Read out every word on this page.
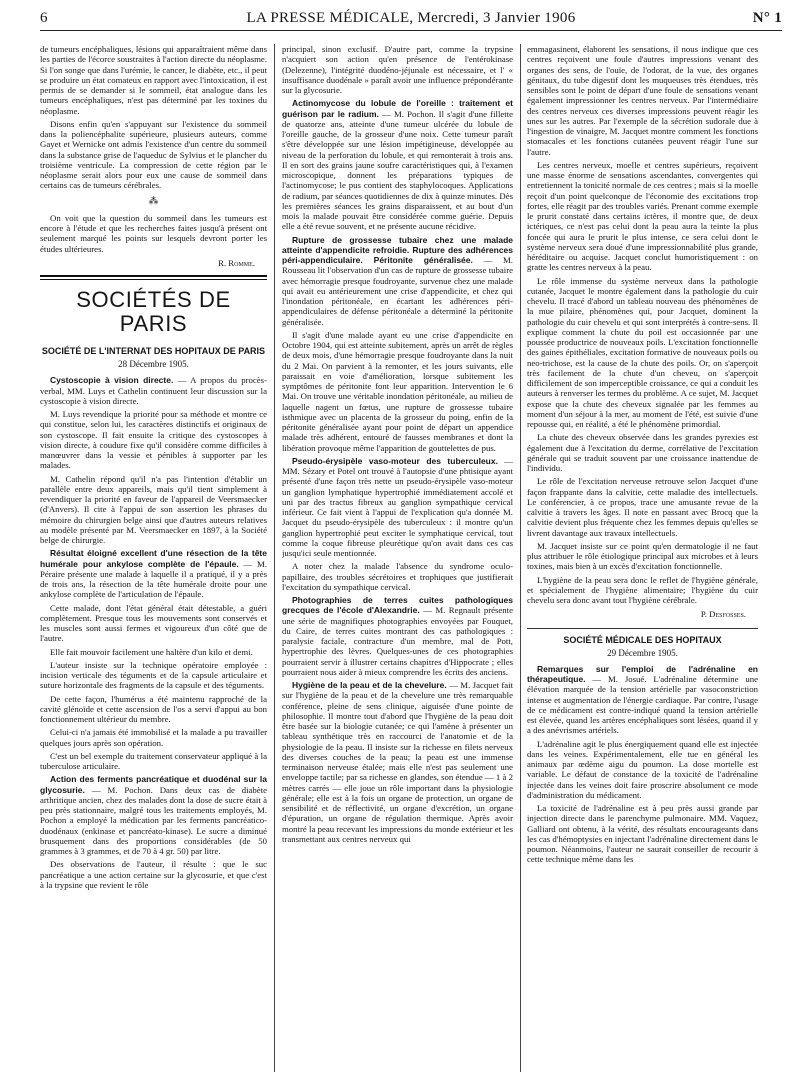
6	LA PRESSE MÉDICALE, Mercredi, 3 Janvier 1906	N° 1

de tumeurs encéphaliques, lésions qui apparaîtraient même dans les parties de l'écorce soustraites à l'action directe du néoplasme. Si l'on songe que dans l'urémie, le cancer, le diabète, etc., il peut se produire un état comateux en rapport avec l'intoxication, il est permis de se demander si le sommeil, état analogue dans les tumeurs encéphaliques, n'est pas déterminé par les toxines du néoplasme.

Disons enfin qu'en s'appuyant sur l'existence du sommeil dans la poliencéphalite supérieure, plusieurs auteurs, comme Gayet et Wernicke ont admis l'existence d'un centre du sommeil dans la substance grise de l'aqueduc de Sylvius et le plancher du troisième ventricule. La compression de cette région par le néoplasme serait alors pour eux une cause de sommeil dans certains cas de tumeurs cérébrales.

⁂

On voit que la question du sommeil dans les tumeurs est encore à l'étude et que les recherches faites jusqu'à présent ont seulement marqué les points sur lesquels devront porter les études ultérieures.

R. Romme.

SOCIÉTÉS DE PARIS
SOCIÉTÉ DE L'INTERNAT DES HOPITAUX DE PARIS
28 Décembre 1905.

Cystoscopie à vision directe. — A propos du procès-verbal, MM. Luys et Cathelin continuent leur discussion sur la cystoscopie à vision directe.

M. Luys revendique la priorité pour sa méthode et montre ce qui constitue, selon lui, les caractères distinctifs et originaux de son cystoscope. Il fait ensuite la critique des cystoscopes à vision directe, à coudure fixe qu'il considère comme difficiles à manœuvrer dans la vessie et pénibles à supporter par les malades.

M. Cathelin répond qu'il n'a pas l'intention d'établir un parallèle entre deux appareils, mais qu'il tient simplement à revendiquer la priorité en faveur de l'appareil de Veersmaecker (d'Anvers). Il cite à l'appui de son assertion les phrases du mémoire du chirurgien belge ainsi que d'autres auteurs relatives au modèle présenté par M. Veersmaecker en 1897, à la Société belge de chirurgie.

Résultat éloigné excellent d'une résection de la tête humérale pour ankylose complète de l'épaule. — M. Péraire présente une malade à laquelle il a pratiqué, il y a près de trois ans, la résection de la tête humérale droite pour une ankylose complète de l'articulation de l'épaule.

Cette malade, dont l'état général était détestable, a guéri complètement. Presque tous les mouvements sont conservés et les muscles sont aussi fermes et vigoureux d'un côté que de l'autre.

Elle fait mouvoir facilement une haltère d'un kilo et demi.

L'auteur insiste sur la technique opératoire employée : incision verticale des téguments et de la capsule articulaire et suture horizontale des fragments de la capsule et des téguments.

De cette façon, l'humérus a été maintenu rapproché de la cavité glénoïde et cette ascension de l'os a servi d'appui au bon fonctionnement ultérieur du membre.

Celui-ci n'a jamais été immobilisé et la malade a pu travailler quelques jours après son opération.

C'est un bel exemple du traitement conservateur appliqué à la tuberculose articulaire.

Action des ferments pancréatique et duodénal sur la glycosurie. — M. Pochon. Dans deux cas de diabète arthritique ancien, chez des malades dont la dose de sucre était à peu près stationnaire, malgré tous les traitements employés, M. Pochon a employé la médication par les ferments pancréatico-duodénaux (enkinase et pancréato-kinase). Le sucre a diminué brusquement dans des proportions considérables (de 50 grammes à 3 grammes, et de 70 à 4 gr. 50) par litre.

Des observations de l'auteur, il résulte : que le suc pancréatique a une action certaine sur la glycosurie, et que c'est à la trypsine que revient le rôle

principal, sinon exclusif. D'autre part, comme la trypsine n'acquiert son action qu'en présence de l'entérokinase (Delezenne), l'intégrité duodéno-jéjunale est nécessaire, et l' « insuffisance duodénale » paraît avoir une influence prépondérante sur la glycosurie.

Actinomycose du lobule de l'oreille : traitement et guérison par le radium. — M. Pochon. Il s'agit d'une fillette de quatorze ans, atteinte d'une tumeur ulcérée du lobule de l'oreille gauche, de la grosseur d'une noix. Cette tumeur paraît s'être développée sur une lésion impétigineuse, développée au niveau de la perforation du lobule, et qui remonterait à trois ans. Il en sort des grains jaune soufre caractéristiques qui, à l'examen microscopique, donnent les préparations typiques de l'actinomycose; le pus contient des staphylocoques. Applications de radium, par séances quotidiennes de dix à quinze minutes. Dès les premières séances les grains disparaissent, et au bout d'un mois la malade pouvait être considérée comme guérie. Depuis elle a été revue souvent, et ne présente aucune récidive.

Rupture de grossesse tubaire chez une malade atteinte d'appendicite refroidie. Rupture des adhérences péri-appendiculaire. Péritonite généralisée. — M. Rousseau lit l'observation d'un cas de rupture de grossesse tubaire avec hémorragie presque foudroyante, survenue chez une malade qui avait eu antérieurement une crise d'appendicite, et chez qui l'inondation péritonéale, en écartant les adhérences péri-appendiculaires de défense péritonéale a déterminé la péritonite généralisée.

Il s'agit d'une malade ayant eu une crise d'appendicite en Octobre 1904, qui est atteinte subitement, après un arrêt de règles de deux mois, d'une hémorragie presque foudroyante dans la nuit du 2 Mai. On parvient à la remonter, et les jours suivants, elle paraissait en voie d'amélioration, lorsque subitement les symptômes de péritonite font leur apparition. Intervention le 6 Mai. On trouve une véritable inondation péritonéale, au milieu de laquelle nagent un fœtus, une rupture de grossesse tubaire isthmique avec un placenta de la grosseur du poing, enfin de la péritonite généralisée ayant pour point de départ un appendice malade très adhérent, entouré de fausses membranes et dont la libération provoque même l'apparition de gouttelettes de pus.

Pseudo-érysipèle vaso-moteur des tuberculeux. — MM. Sézary et Potel ont trouvé à l'autopsie d'une phtisique ayant présenté d'une façon très nette un pseudo-érysipèle vaso-moteur un ganglion lymphatique hypertrophié immédiatement accolé et uni par des tractus fibreux au ganglion sympathique cervical inférieur. Ce fait vient à l'appui de l'explication qu'a donnée M. Jacquet du pseudo-érysipèle des tuberculeux : il montre qu'un ganglion hypertrophié peut exciter le symphatique cervical, tout comme la coque fibreuse pleurétique qu'on avait dans ces cas jusqu'ici seule mentionnée.

A noter chez la malade l'absence du syndrome oculo-papillaire, des troubles sécrétoires et trophiques que justifierait l'excitation du sympathique cervical.

Photographies de terres cuites pathologiques grecques de l'école d'Alexandrie. — M. Regnault présente une série de magnifiques photographies envoyées par Fouquet, du Caire, de terres cuites montrant des cas pathologiques : paralysie faciale, contracture d'un membre, mal de Pott, hypertrophie des lèvres. Quelques-unes de ces photographies pourraient servir à illustrer certains chapitres d'Hippocrate ; elles pourraient nous aider à mieux comprendre les écrits des anciens.

Hygiène de la peau et de la chevelure. — M. Jacquet fait sur l'hygiène de la peau et de la chevelure une très remarquable conférence, pleine de sens clinique, aiguisée d'une pointe de philosophie. Il montre tout d'abord que l'hygiène de la peau doit être basée sur la biologie cutanée; ce qui l'amène à présenter un tableau synthétique très en raccourci de l'anatomie et de la physiologie de la peau. Il insiste sur la richesse en filets nerveux des diverses couches de la peau; la peau est une immense terminaison nerveuse étalée; mais elle n'est pas seulement une enveloppe tactile; par sa richesse en glandes, son étendue — 1 à 2 mètres carrés — elle joue un rôle important dans la physiologie générale; elle est à la fois un organe de protection, un organe de sensibilité et de réflectivité, un organe d'excrétion, un organe d'épuration, un organe de régulation thermique. Après avoir montré la peau recevant les impressions du monde extérieur et les transmettant aux centres nerveux qui

emmagasinent, élaborent les sensations, il nous indique que ces centres reçoivent une foule d'autres impressions venant des organes des sens, de l'ouïe, de l'odorat, de la vue, des organes génitaux, du tube digestif dont les muqueuses très étendues, très sensibles sont le point de départ d'une foule de sensations venant également impressionner les centres nerveux. Par l'intermédiaire des centres nerveux ces diverses impressions peuvent réagir les unes sur les autres. Par l'exemple de la sécrétion sudorale due à l'ingestion de vinaigre, M. Jacquet montre comment les fonctions stomacales et les fonctions cutanées peuvent réagir l'une sur l'autre.

Les centres nerveux, moelle et centres supérieurs, reçoivent une masse énorme de sensations ascendantes, convergentes qui entretiennent la tonicité normale de ces centres ; mais si la moelle reçoit d'un point quelconque de l'économie des excitations trop fortes, elle réagit par des troubles variés. Prenant comme exemple le prurit constaté dans certains ictères, il montre que, de deux ictériques, ce n'est pas celui dont la peau aura la teinte la plus foncée qui aura le prurit le plus intense, ce sera celui dont le système nerveux sera doué d'une impressionnabilité plus grande, héréditaire ou acquise. Jacquet conclut humoristiquement : on gratte les centres nerveux à la peau.

Le rôle immense du système nerveux dans la pathologie cutanée, Jacquet le montre également dans la pathologie du cuir chevelu. Il tracé d'abord un tableau nouveau des phénomènes de la mue pilaire, phénomènes qui, pour Jacquet, dominent la pathologie du cuir chevelu et qui sont interprétés à contre-sens. Il explique comment la chute du poil est occasionnée par une poussée productrice de nouveaux poils. L'excitation fonctionnelle des gaines épithéliales, excitation formative de nouveaux poils ou neo-trichose, est la cause de la chute des poils. Or, on s'aperçoit très facilement de la chute d'un cheveu, on s'aperçoit difficilement de son imperceptible croissance, ce qui a conduit les auteurs à renverser les termes du problème. A ce sujet, M. Jacquet expose que la chute des cheveux signalée par les femmes au moment d'un séjour à la mer, au moment de l'été, est suivie d'une repousse qui, en réalité, a été le phénomène primordial.

La chute des cheveux observée dans les grandes pyrexies est également due à l'excitation du derme, corrélative de l'excitation générale qui se traduit souvent par une croissance inattendue de l'individu.

Le rôle de l'excitation nerveuse retrouve selon Jacquet d'une façon frappante dans la calvitie, cette maladie des intellectuels. Le conférencier, à ce propos, trace une amusante revue de la calvitie à travers les âges. Il note en passant avec Brocq que la calvitie devient plus fréquente chez les femmes depuis qu'elles se livrent davantage aux travaux intellectuels.

M. Jacquet insiste sur ce point qu'en dermatologie il ne faut plus attribuer le rôle étiologique principal aux microbes et à leurs toxines, mais bien à un excès d'excitation fonctionnelle.

L'hygiène de la peau sera donc le reflet de l'hygiène générale, et spécialement de l'hygiène alimentaire; l'hygiène du cuir chevelu sera donc avant tout l'hygiène cérébrale.

P. Desfosses.

SOCIÉTÉ MÉDICALE DES HOPITAUX
29 Décembre 1905.

Remarques sur l'emploi de l'adrénaline en thérapeutique. — M. Josué. L'adrénaline détermine une élévation marquée de la tension artérielle par vasoconstriction intense et augmentation de l'énergie cardiaque. Par contre, l'usage de ce médicament est contre-indiqué quand la tension artérielle est élevée, quand les artères encéphaliques sont lésées, quand il y a des anévrismes artériels.

L'adrénaline agit le plus énergiquement quand elle est injectée dans les veines. Expérimentalement, elle tue en général les animaux par œdème aigu du poumon. La dose mortelle est variable. Le défaut de constance de la toxicité de l'adrénaline injectée dans les veines doit faire proscrire absolument ce mode d'administration du médicament.

La toxicité de l'adrénaline est à peu près aussi grande par injection directe dans le parenchyme pulmonaire. MM. Vaquez, Galliard ont obtenu, à la vérité, des résultats encourageants dans les cas d'hémoptysies en injectant l'adrénaline directement dans le poumon. Néanmoins, l'auteur ne saurait conseiller de recourir à cette technique même dans les
